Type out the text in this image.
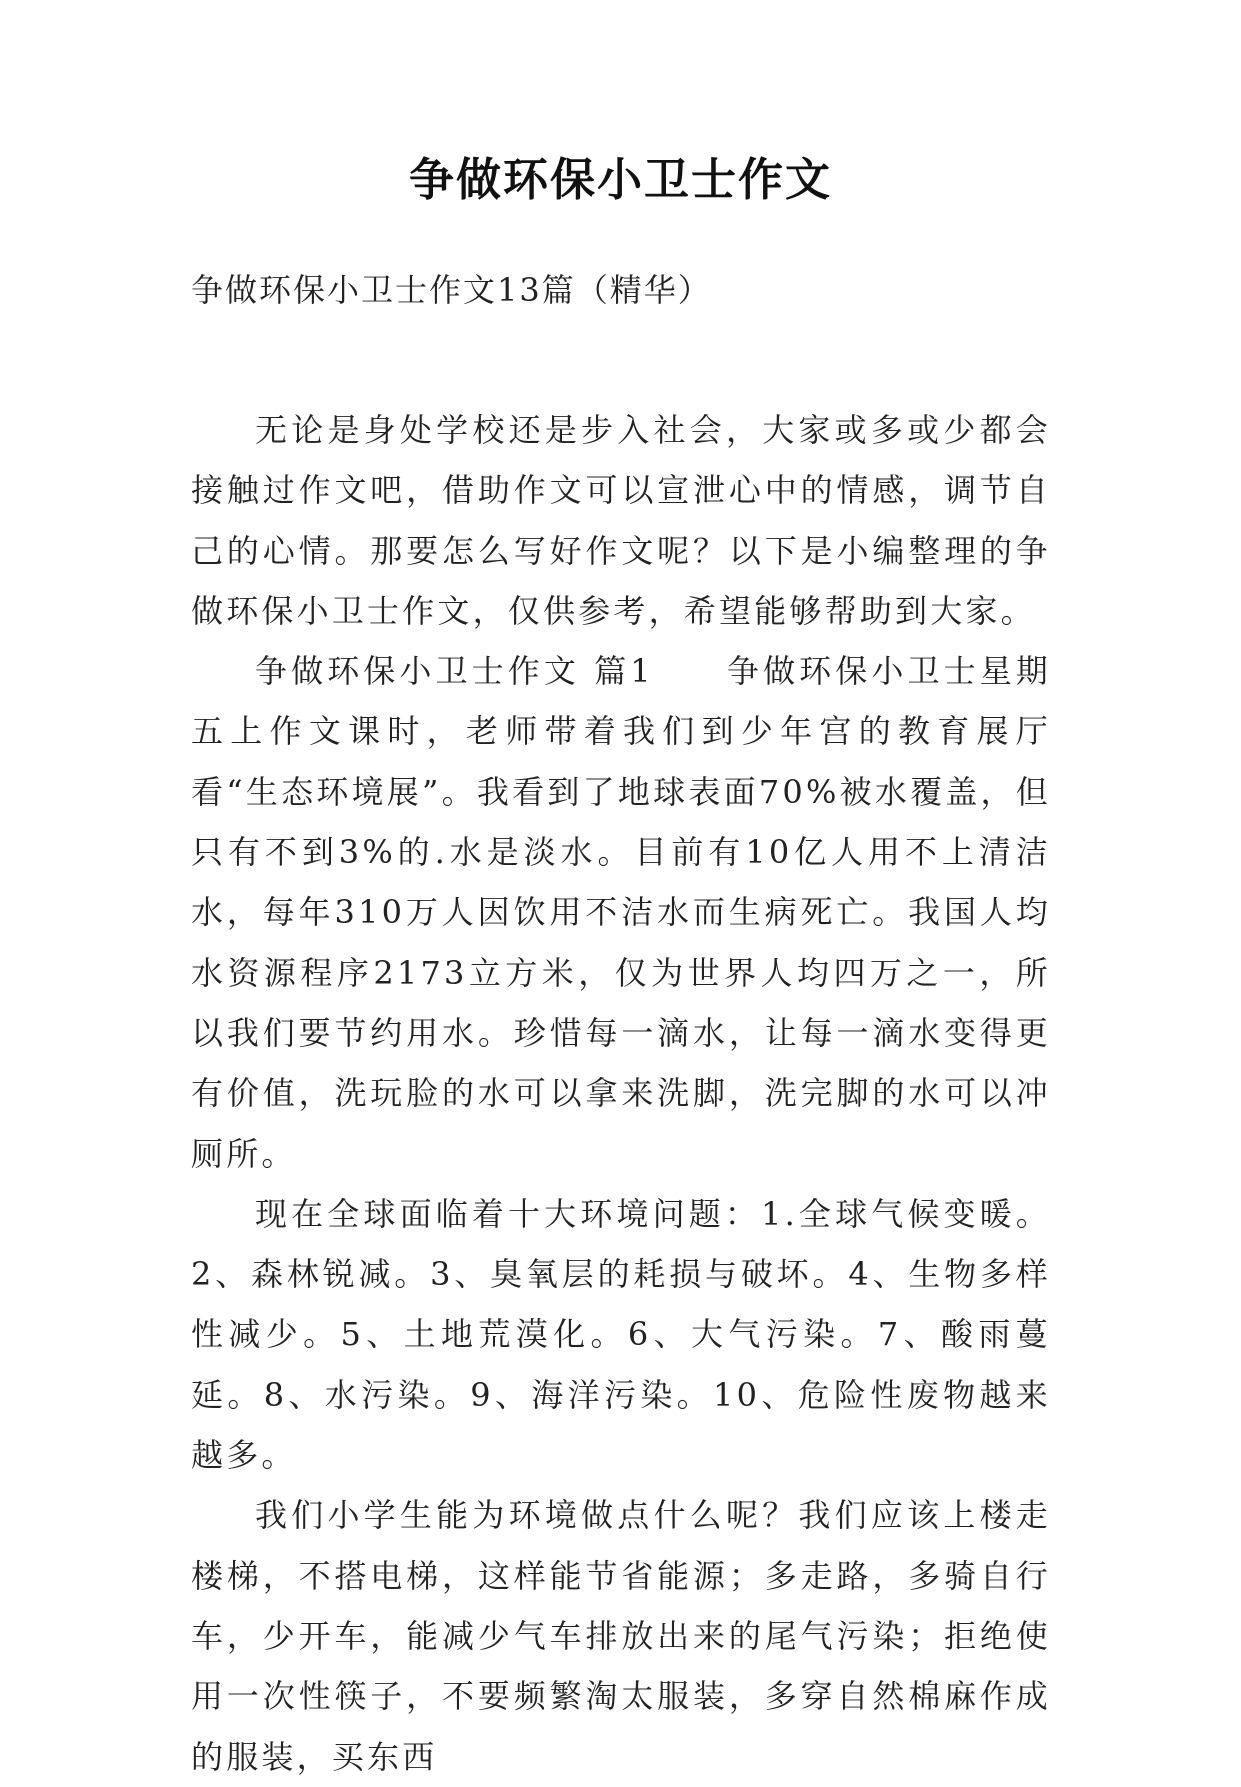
争做环保小卫士作文
争做环保小卫士作文13篇（精华）

无论是身处学校还是步入社会，大家或多或少都会接触过作文吧，借助作文可以宣泄心中的情感，调节自己的心情。那要怎么写好作文呢？以下是小编整理的争做环保小卫士作文，仅供参考，希望能够帮助到大家。

争做环保小卫士作文 篇1　　争做环保小卫士星期五上作文课时，老师带着我们到少年宫的教育展厅看“生态环境展”。我看到了地球表面70%被水覆盖，但只有不到3%的.水是淡水。目前有10亿人用不上清洁水，每年310万人因饮用不洁水而生病死亡。我国人均水资源程序2173立方米，仅为世界人均四万之一，所以我们要节约用水。珍惜每一滴水，让每一滴水变得更有价值，洗玩脸的水可以拿来洗脚，洗完脚的水可以冲厕所。

现在全球面临着十大环境问题：1.全球气候变暖。2、森林锐减。3、臭氧层的耗损与破坏。4、生物多样性减少。5、土地荒漠化。6、大气污染。7、酸雨蔓延。8、水污染。9、海洋污染。10、危险性废物越来越多。

我们小学生能为环境做点什么呢？我们应该上楼走楼梯，不搭电梯，这样能节省能源；多走路，多骑自行车，少开车，能减少气车排放出来的尾气污染；拒绝使用一次性筷子，不要频繁淘太服装，多穿自然棉麻作成的服装，买东西
